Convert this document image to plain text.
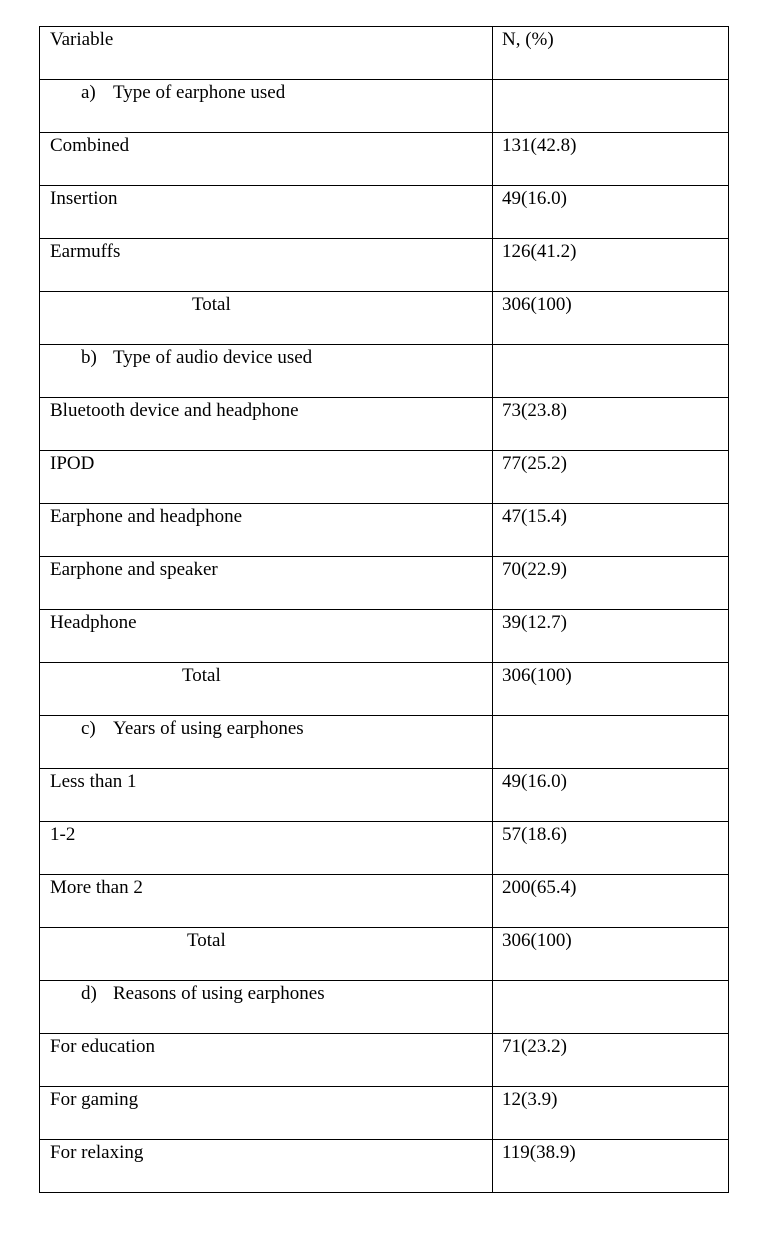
Variable	N, (%)

a) Type of earphone used	

Combined	131(42.8)

Insertion	49(16.0)

Earmuffs	126(41.2)

Total	306(100)

b) Type of audio device used	

Bluetooth device and headphone	73(23.8)

IPOD	77(25.2)

Earphone and headphone	47(15.4)

Earphone and speaker	70(22.9)

Headphone	39(12.7)

Total	306(100)

c) Years of using earphones	

Less than 1	49(16.0)

1-2	57(18.6)

More than 2	200(65.4)

Total	306(100)

d) Reasons of using earphones	

For education	71(23.2)

For gaming	12(3.9)

For relaxing	119(38.9)
